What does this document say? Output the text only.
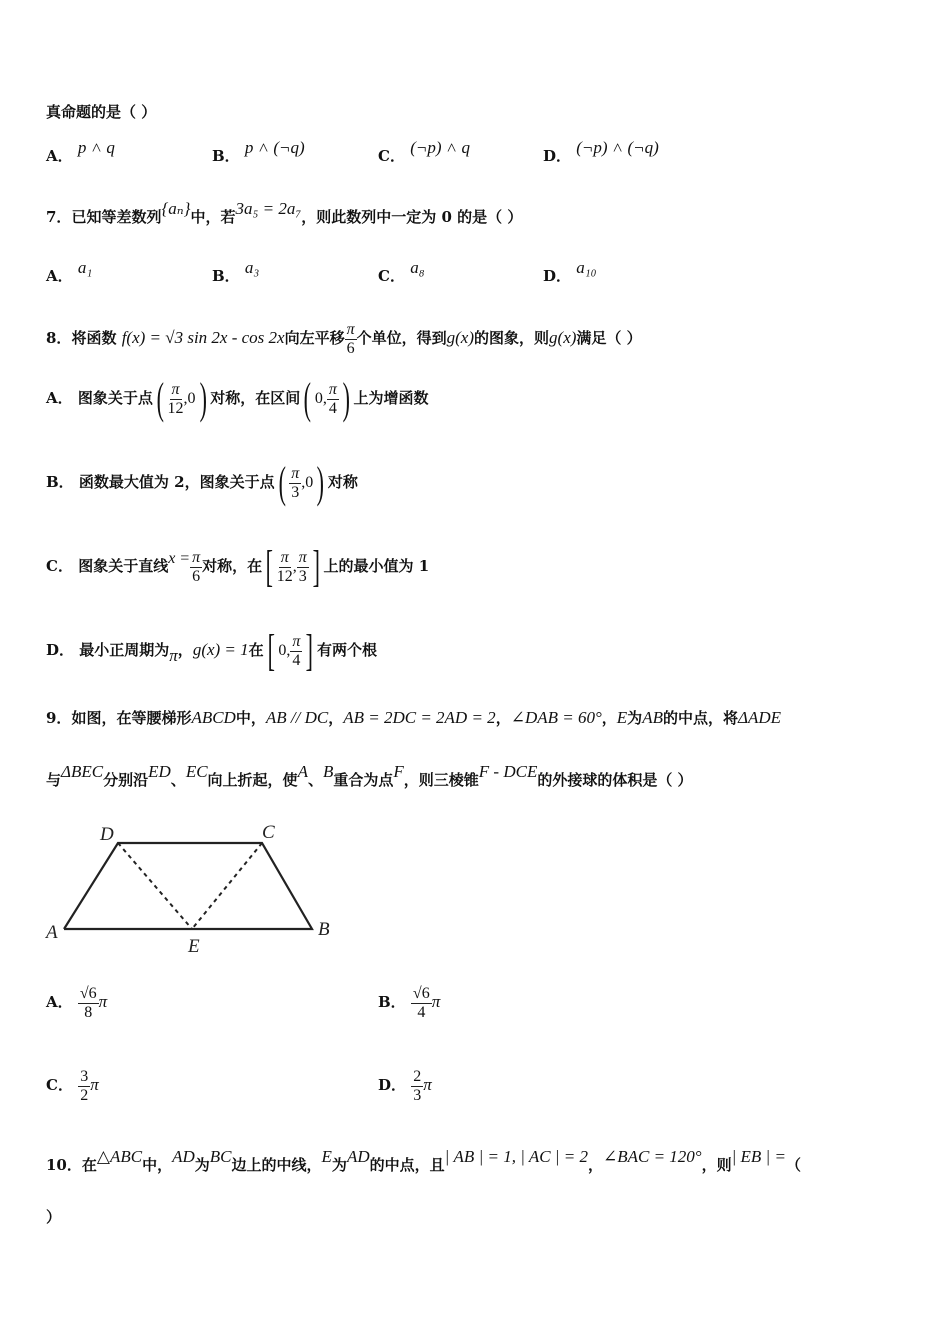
真命题的是（ ）
A． p ˄ q	B． p ˄ (¬q)	C． (¬p) ˄ q	D． (¬p) ˄ (¬q)
7．已知等差数列{aₙ}中，若3a₅ = 2a₇，则此数列中一定为 0 的是（ ）
A． a₁	B． a₃	C． a₈	D． a₁₀
8．将函数 f(x) = √3 sin 2x - cos 2x向左平移 $\frac{\pi}{6}$ 个单位，得到g(x)的图象，则g(x)满足（ ）
A． 图象关于点( $\frac{\pi}{12} ,0$) 对称，在区间( 0, $\frac{\pi}{4}$ ) 上为增函数
B． 函数最大值为 2，图象关于点( $\frac{\pi}{3} ,0$) 对称
C． 图象关于直线$x = \frac{\pi}{6}$ 对称，在[ $\frac{\pi}{12}$ , $\frac{\pi}{3}$ ] 上的最小值为 1
D． 最小正周期为π，g(x) = 1在[ 0, $\frac{\pi}{4}$ ] 有两个根
9．如图，在等腰梯形ABCD中，AB // DC，AB = 2DC = 2AD = 2，∠DAB = 60°，E为AB的中点，将ΔADE
与ΔBEC分别沿ED、EC向上折起，使A、B重合为点F，则三棱锥F - DCE的外接球的体积是（ ）
D	C
A
E
B
A． $\frac{√6}{8}$ π	B． $\frac{√6}{4}$ π
C． $\frac{3}{2}$ π	D． $\frac{2}{3}$ π
10．在△ABC中，AD为BC边上的中线，E为AD的中点，且| AB | = 1, | AC | = 2，∠BAC = 120°，则| EB | =（
）
